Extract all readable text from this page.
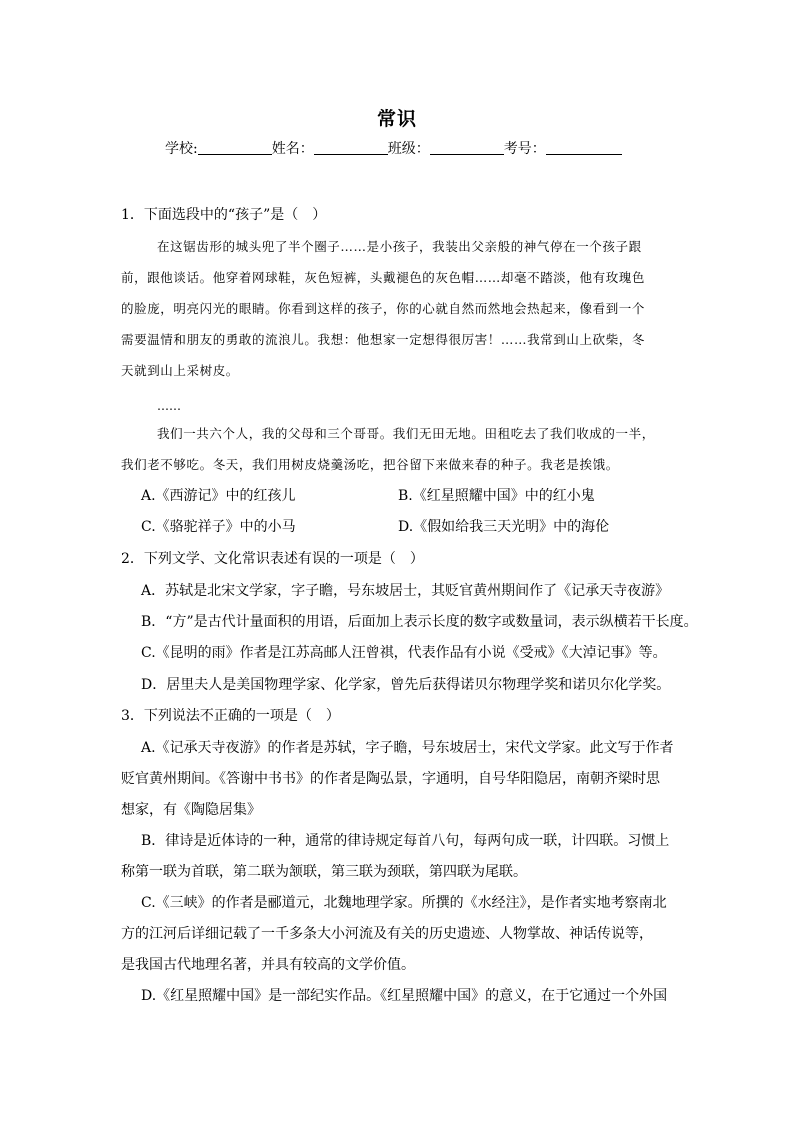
常识
学校:	姓名：	班级：	考号：
1．下面选段中的“孩子”是（　）
在这锯齿形的城头兜了半个圈子……是小孩子，我装出父亲般的神气停在一个孩子跟
前，跟他谈话。他穿着网球鞋，灰色短裤，头戴褪色的灰色帽……却毫不踏淡，他有玫瑰色
的脸庞，明亮闪光的眼睛。你看到这样的孩子，你的心就自然而然地会热起来，像看到一个
需要温情和朋友的勇敢的流浪儿。我想：他想家一定想得很厉害！……我常到山上砍柴，冬
天就到山上采树皮。
……
我们一共六个人，我的父母和三个哥哥。我们无田无地。田租吃去了我们收成的一半，
我们老不够吃。冬天，我们用树皮烧羹汤吃，把谷留下来做来春的种子。我老是挨饿。
A.《西游记》中的红孩儿	B.《红星照耀中国》中的红小鬼
C.《骆驼祥子》中的小马	D.《假如给我三天光明》中的海伦
2．下列文学、文化常识表述有误的一项是（　）
A．苏轼是北宋文学家，字子瞻，号东坡居士，其贬官黄州期间作了《记承天寺夜游》
B．“方”是古代计量面积的用语，后面加上表示长度的数字或数量词，表示纵横若干长度。
C.《昆明的雨》作者是江苏高邮人汪曾祺，代表作品有小说《受戒》《大淖记事》等。
D．居里夫人是美国物理学家、化学家，曾先后获得诺贝尔物理学奖和诺贝尔化学奖。
3．下列说法不正确的一项是（　）
A.《记承天寺夜游》的作者是苏轼，字子瞻，号东坡居士，宋代文学家。此文写于作者
贬官黄州期间。《答谢中书书》的作者是陶弘景，字通明，自号华阳隐居，南朝齐梁时思
想家，有《陶隐居集》
B．律诗是近体诗的一种，通常的律诗规定每首八句，每两句成一联，计四联。习惯上
称第一联为首联，第二联为颔联，第三联为颈联，第四联为尾联。
C.《三峡》的作者是郦道元，北魏地理学家。所撰的《水经注》，是作者实地考察南北
方的江河后详细记载了一千多条大小河流及有关的历史遗迹、人物掌故、神话传说等，
是我国古代地理名著，并具有较高的文学价值。
D.《红星照耀中国》是一部纪实作品。《红星照耀中国》的意义，在于它通过一个外国
